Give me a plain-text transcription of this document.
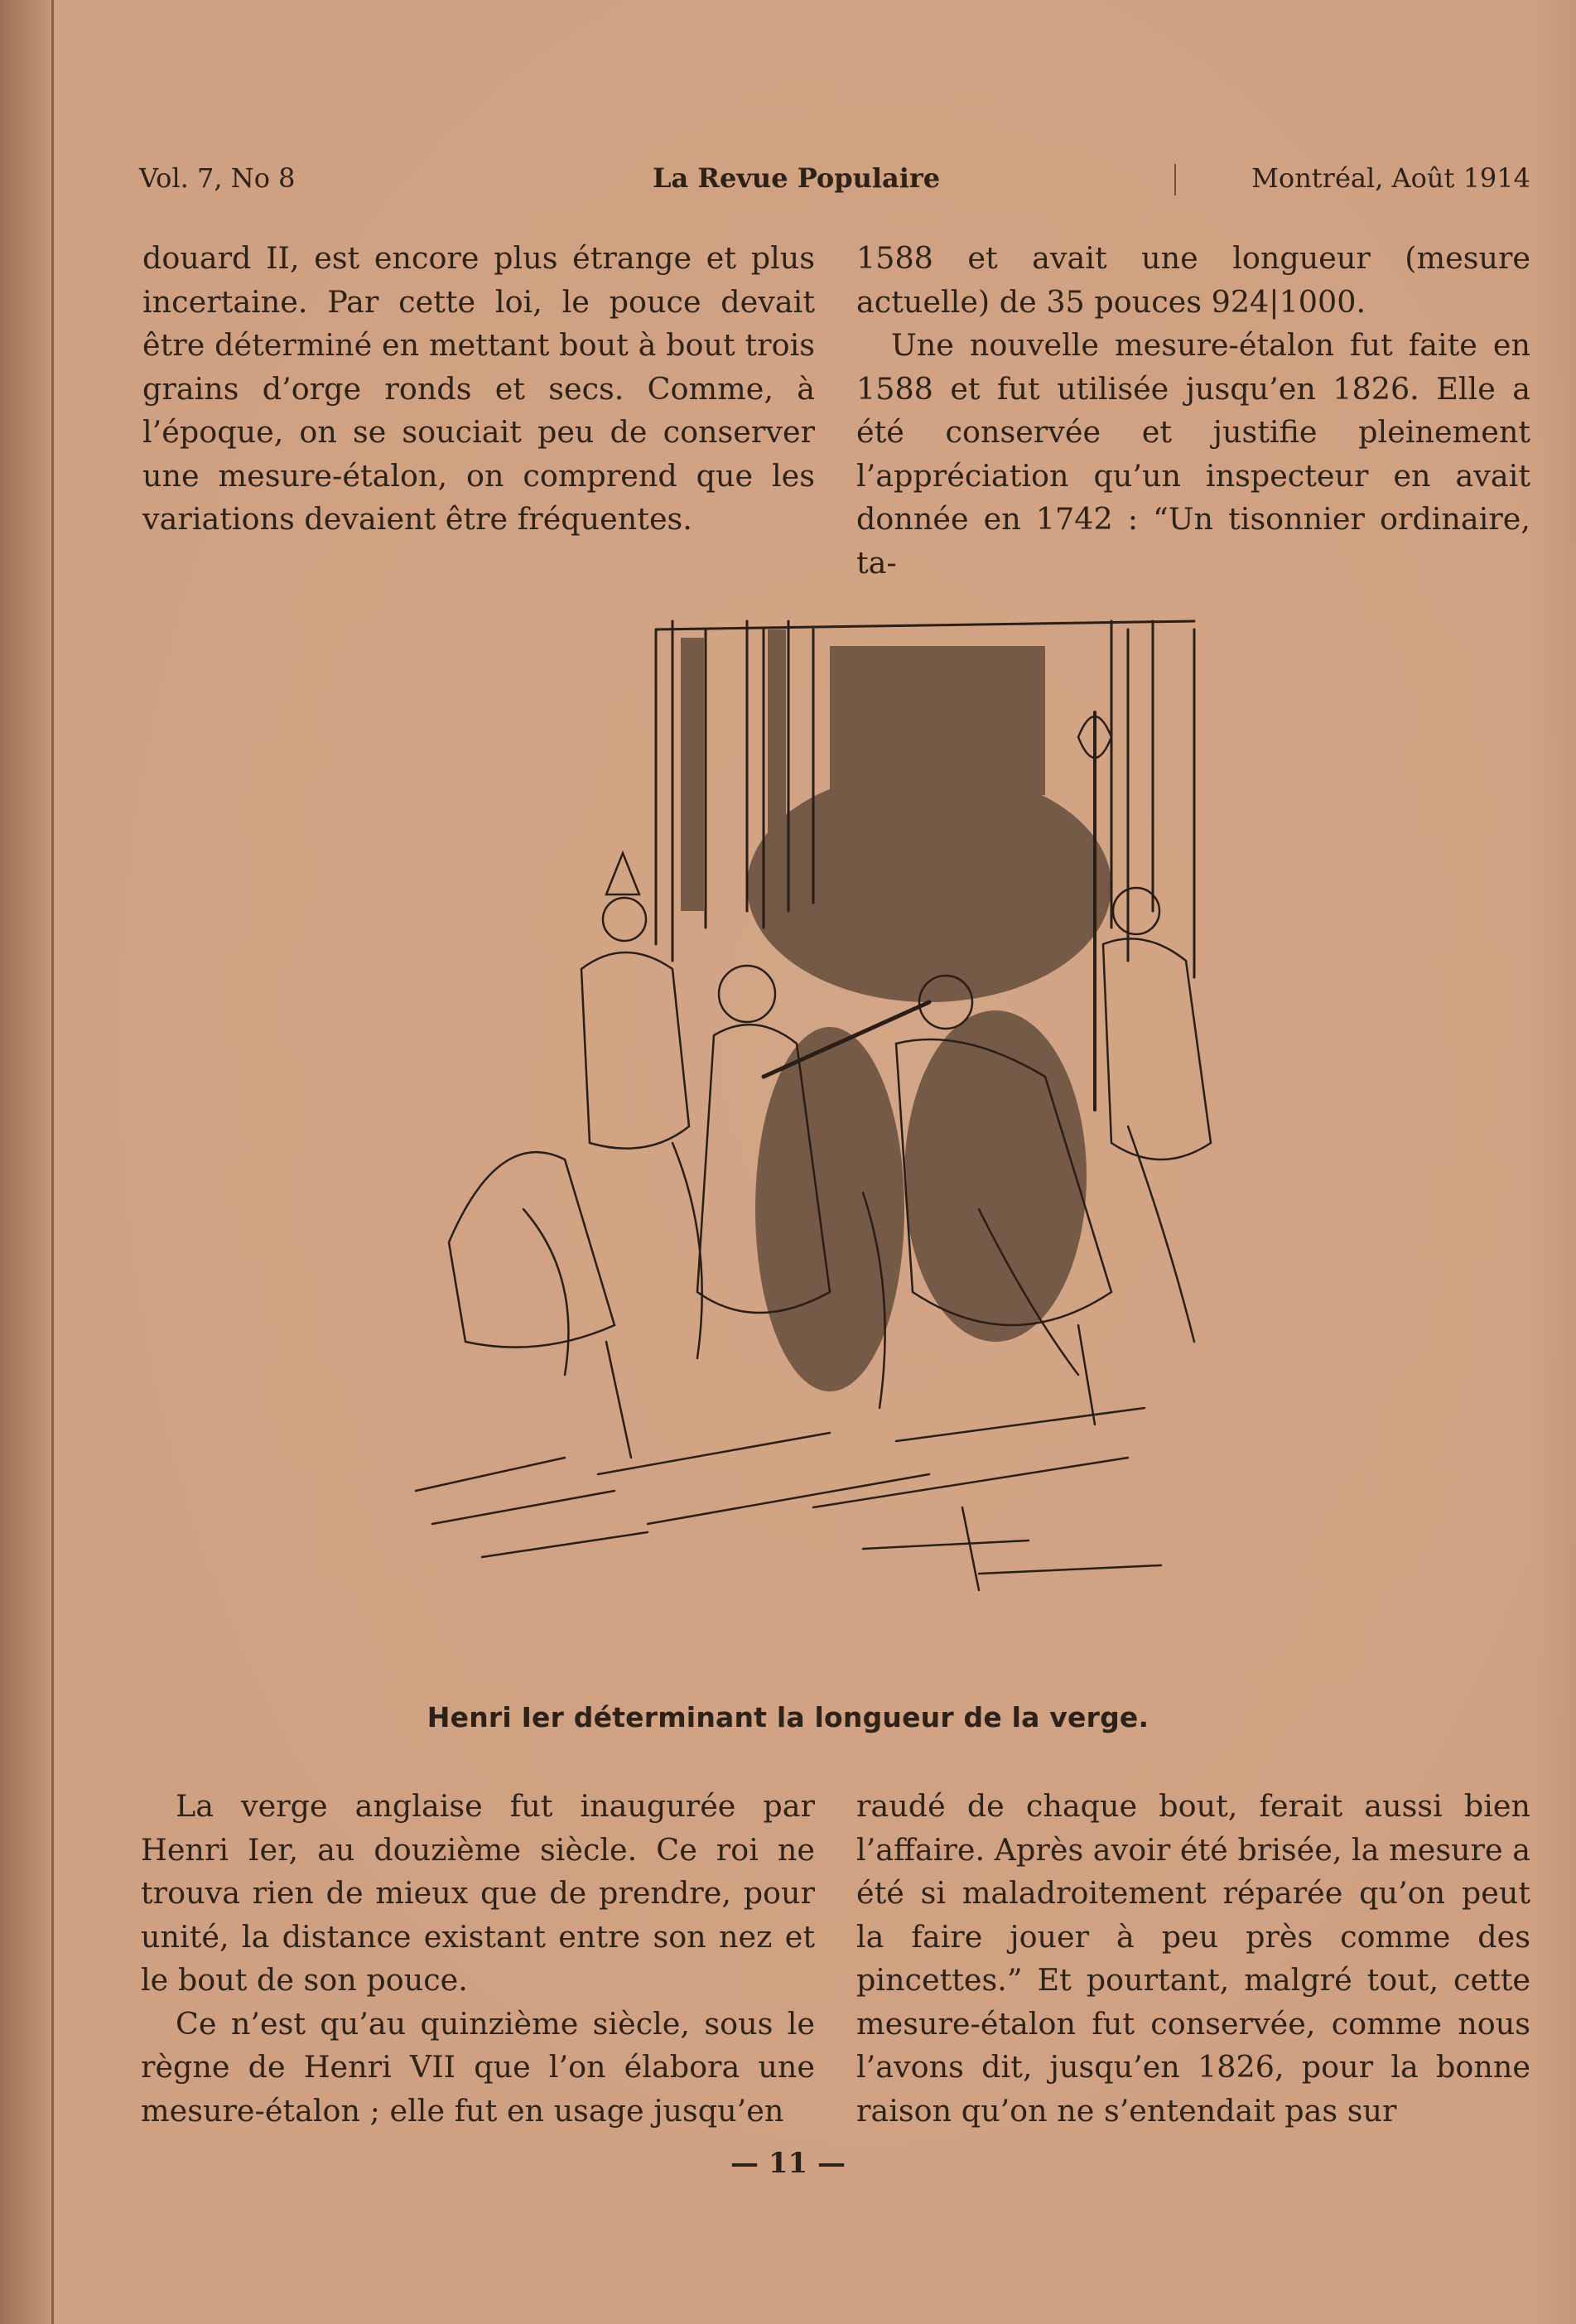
Vol. 7, No 8	La Revue Populaire	Montréal, Août 1914

douard II, est encore plus étrange et plus incertaine. Par cette loi, le pouce devait être déterminé en mettant bout à bout trois grains d’orge ronds et secs. Comme, à l’époque, on se souciait peu de conserver une mesure-étalon, on comprend que les variations devaient être fréquentes.

1588 et avait une longueur (mesure actuelle) de 35 pouces 924|1000.

Une nouvelle mesure-étalon fut faite en 1588 et fut utilisée jusqu’en 1826. Elle a été conservée et justifie pleinement l’appréciation qu’un inspecteur en avait donnée en 1742 : “Un tisonnier ordinaire, ta-

Henri Ier déterminant la longueur de la verge.

La verge anglaise fut inaugurée par Henri Ier, au douzième siècle. Ce roi ne trouva rien de mieux que de prendre, pour unité, la distance existant entre son nez et le bout de son pouce.

Ce n’est qu’au quinzième siècle, sous le règne de Henri VII que l’on élabora une mesure-étalon ; elle fut en usage jusqu’en

raudé de chaque bout, ferait aussi bien l’affaire. Après avoir été brisée, la mesure a été si maladroitement réparée qu’on peut la faire jouer à peu près comme des pincettes.” Et pourtant, malgré tout, cette mesure-étalon fut conservée, comme nous l’avons dit, jusqu’en 1826, pour la bonne raison qu’on ne s’entendait pas sur

— 11 —
